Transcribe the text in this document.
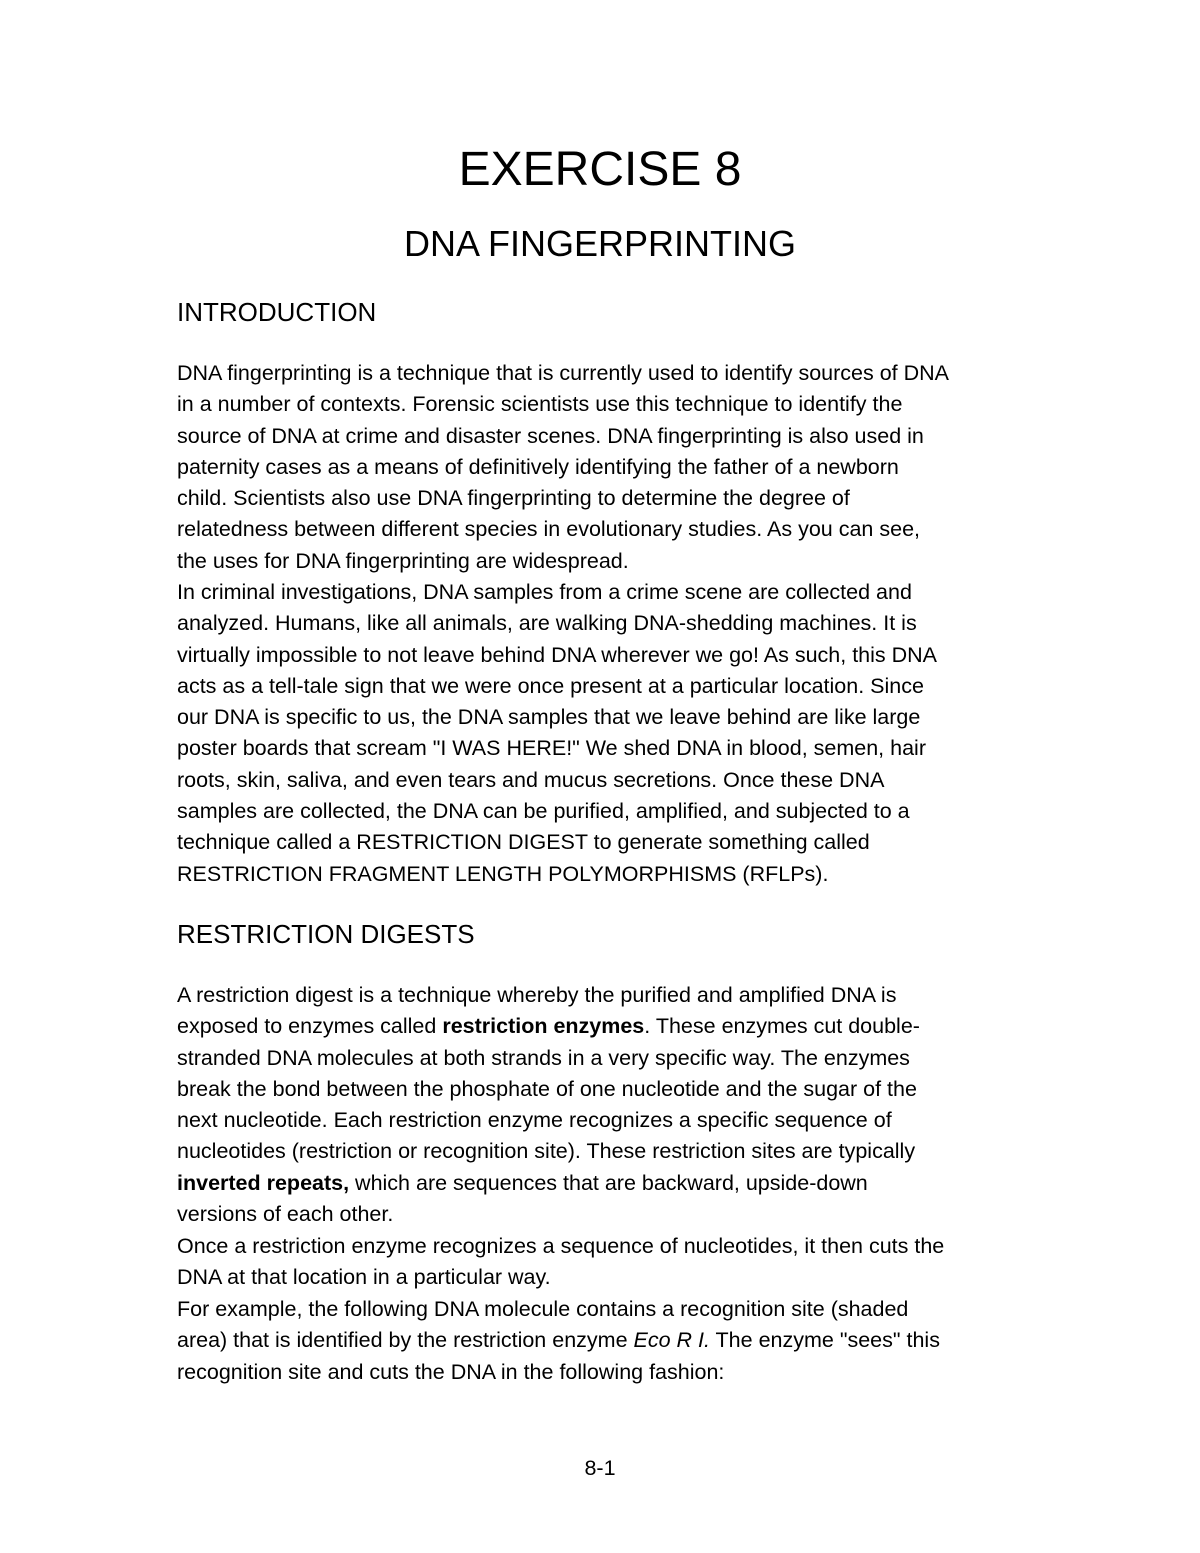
EXERCISE 8
DNA FINGERPRINTING
INTRODUCTION

DNA fingerprinting is a technique that is currently used to identify sources of DNA
in a number of contexts. Forensic scientists use this technique to identify the
source of DNA at crime and disaster scenes. DNA fingerprinting is also used in
paternity cases as a means of definitively identifying the father of a newborn
child. Scientists also use DNA fingerprinting to determine the degree of
relatedness between different species in evolutionary studies. As you can see,
the uses for DNA fingerprinting are widespread.

In criminal investigations, DNA samples from a crime scene are collected and
analyzed. Humans, like all animals, are walking DNA-shedding machines. It is
virtually impossible to not leave behind DNA wherever we go! As such, this DNA
acts as a tell-tale sign that we were once present at a particular location. Since
our DNA is specific to us, the DNA samples that we leave behind are like large
poster boards that scream "I WAS HERE!" We shed DNA in blood, semen, hair
roots, skin, saliva, and even tears and mucus secretions. Once these DNA
samples are collected, the DNA can be purified, amplified, and subjected to a
technique called a RESTRICTION DIGEST to generate something called
RESTRICTION FRAGMENT LENGTH POLYMORPHISMS (RFLPs).

RESTRICTION DIGESTS

A restriction digest is a technique whereby the purified and amplified DNA is
exposed to enzymes called restriction enzymes. These enzymes cut double-
stranded DNA molecules at both strands in a very specific way. The enzymes
break the bond between the phosphate of one nucleotide and the sugar of the
next nucleotide. Each restriction enzyme recognizes a specific sequence of
nucleotides (restriction or recognition site). These restriction sites are typically
inverted repeats, which are sequences that are backward, upside-down
versions of each other.

Once a restriction enzyme recognizes a sequence of nucleotides, it then cuts the
DNA at that location in a particular way.

For example, the following DNA molecule contains a recognition site (shaded
area) that is identified by the restriction enzyme Eco R I. The enzyme "sees" this
recognition site and cuts the DNA in the following fashion:

8-1
